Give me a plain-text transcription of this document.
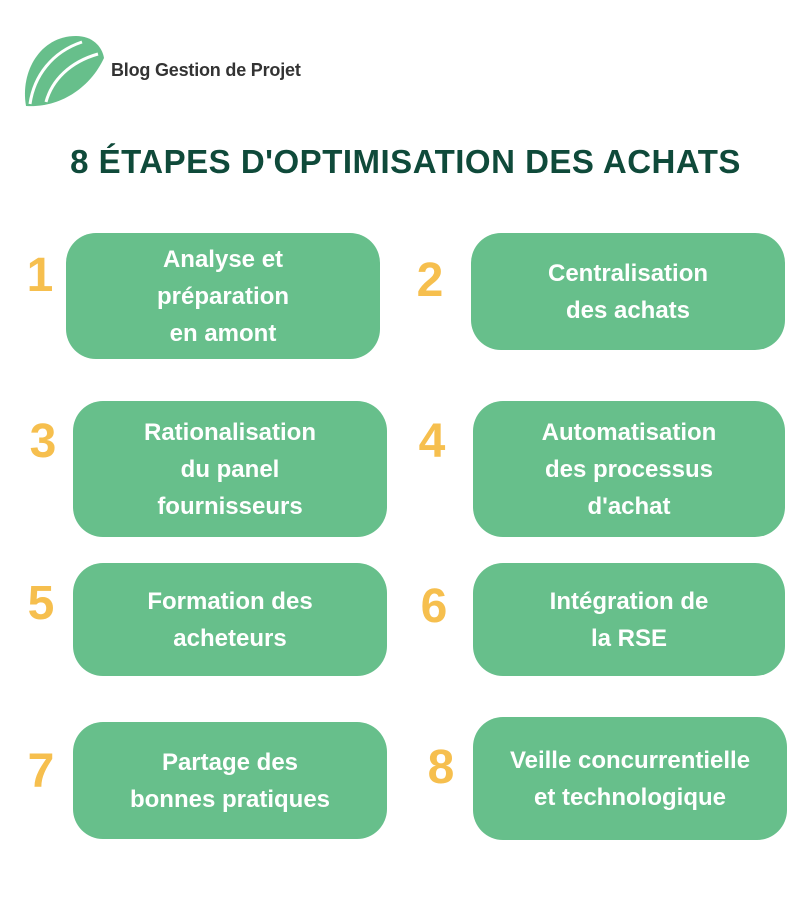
Blog Gestion de Projet
8 ÉTAPES D'OPTIMISATION DES ACHATS
1	Analyse et
préparation
en amont
2	Centralisation
des achats
3	Rationalisation
du panel
fournisseurs
4	Automatisation
des processus
d'achat
5	Formation des
acheteurs
6	Intégration de
la RSE
7	Partage des
bonnes pratiques
8	Veille concurrentielle
et technologique
